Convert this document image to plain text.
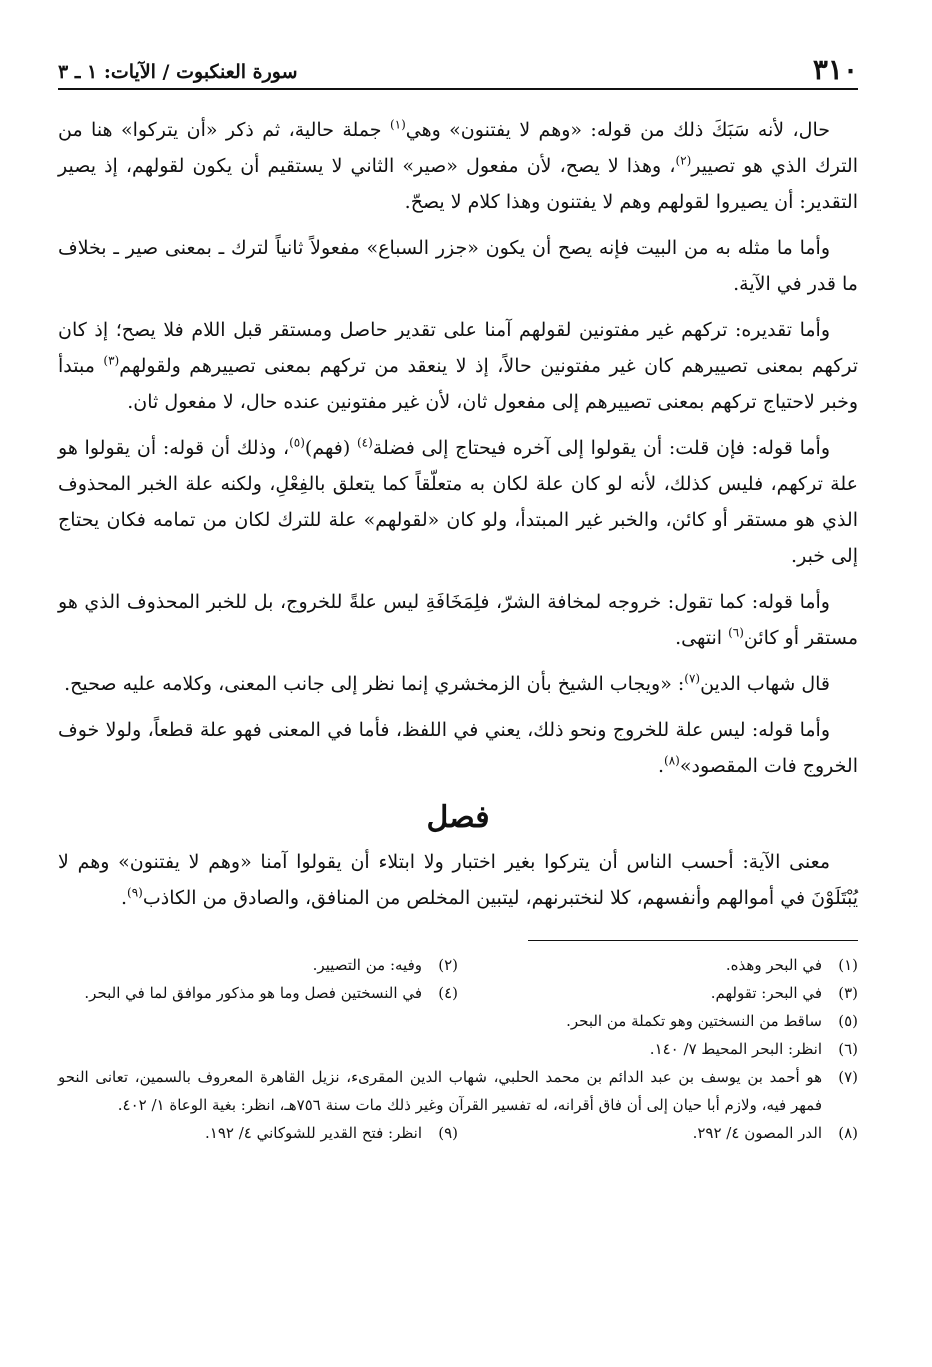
٣١٠
سورة العنكبوت / الآيات: ١ ـ ٣

حال، لأنه سَبَكَ ذلك من قوله: «وهم لا يفتنون» وهي$^{(١)}$ جملة حالية، ثم ذكر «أن يتركوا» هنا من الترك الذي هو تصيير$^{(٢)}$، وهذا لا يصح، لأن مفعول «صير» الثاني لا يستقيم أن يكون لقولهم، إذ يصير التقدير: أن يصيروا لقولهم وهم لا يفتنون وهذا كلام لا يصحّ.

وأما ما مثله به من البيت فإنه يصح أن يكون «جزر السباع» مفعولاً ثانياً لترك ـ بمعنى صير ـ بخلاف ما قدر في الآية.

وأما تقديره: تركهم غير مفتونين لقولهم آمنا على تقدير حاصل ومستقر قبل اللام فلا يصح؛ إذ كان تركهم بمعنى تصييرهم كان غير مفتونين حالاً، إذ لا ينعقد من تركهم بمعنى تصييرهم ولقولهم$^{(٣)}$ مبتدأ وخبر لاحتياج تركهم بمعنى تصييرهم إلى مفعول ثان، لأن غير مفتونين عنده حال، لا مفعول ثان.

وأما قوله: فإن قلت: أن يقولوا إلى آخره فيحتاج إلى فضلة$^{(٤)}$ (فهم)$^{(٥)}$، وذلك أن قوله: أن يقولوا هو علة تركهم، فليس كذلك، لأنه لو كان علة لكان به متعلّقاً كما يتعلق بالفِعْلِ، ولكنه علة الخبر المحذوف الذي هو مستقر أو كائن، والخبر غير المبتدأ، ولو كان «لقولهم» علة للترك لكان من تمامه فكان يحتاج إلى خبر.

وأما قوله: كما تقول: خروجه لمخافة الشرّ، فلِمَخَافَةِ ليس علةً للخروج، بل للخبر المحذوف الذي هو مستقر أو كائن$^{(٦)}$ انتهى.

قال شهاب الدين$^{(٧)}$: «ويجاب الشيخ بأن الزمخشري إنما نظر إلى جانب المعنى، وكلامه عليه صحيح.

وأما قوله: ليس علة للخروج ونحو ذلك، يعني في اللفظ، فأما في المعنى فهو علة قطعاً، ولولا خوف الخروج فات المقصود»$^{(٨)}$.

فصل

معنى الآية: أحسب الناس أن يتركوا بغير اختبار ولا ابتلاء أن يقولوا آمنا «وهم لا يفتنون» وهم لا يُبْتَلَوْنَ في أموالهم وأنفسهم، كلا لنختبرنهم، ليتبين المخلص من المنافق، والصادق من الكاذب$^{(٩)}$.

(١)
في البحر وهذه.
(٢)
وفيه: من التصيير.
(٣)
في البحر: تقولهم.
(٤)
في النسختين فصل وما هو مذكور موافق لما في البحر.
(٥)
ساقط من النسختين وهو تكملة من البحر.
(٦)
انظر: البحر المحيط ٧/ ١٤٠.
(٧)
هو أحمد بن يوسف بن عبد الدائم بن محمد الحلبي، شهاب الدين المقرىء، نزيل القاهرة المعروف بالسمين، تعانى النحو فمهر فيه، ولازم أبا حيان إلى أن فاق أقرانه، له تفسير القرآن وغير ذلك مات سنة ٧٥٦هـ، انظر: بغية الوعاة ١/ ٤٠٢.
(٨)
الدر المصون ٤/ ٢٩٢.
(٩)
انظر: فتح القدير للشوكاني ٤/ ١٩٢.
